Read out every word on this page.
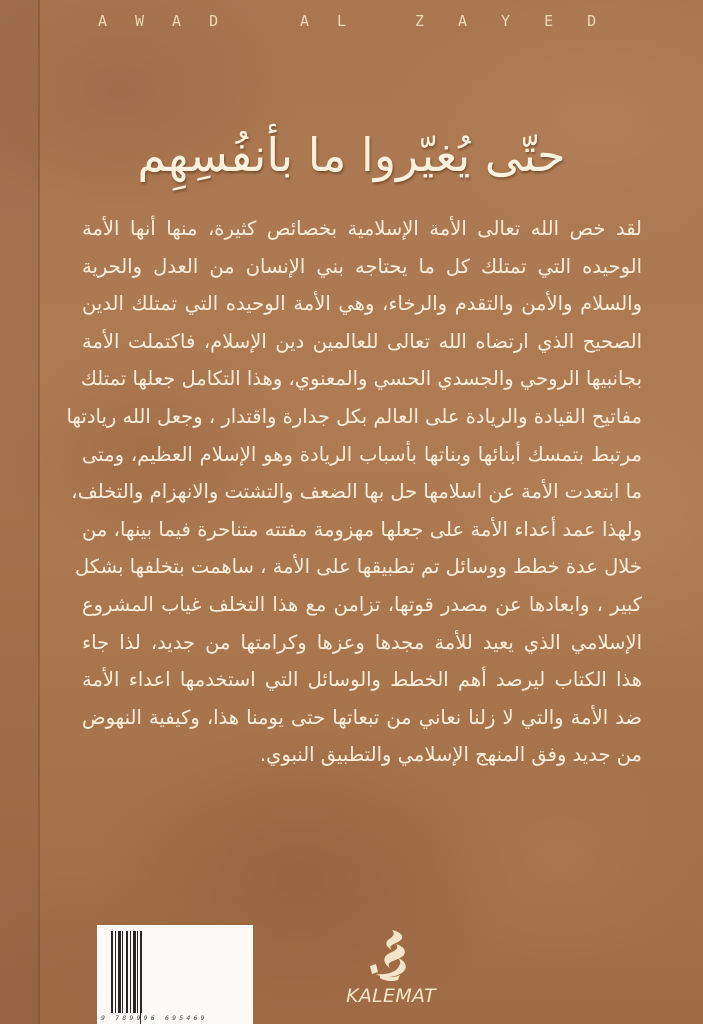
AWAD	AL	ZAYED
حتّى يُغيّروا ما بأنفُسِهِم
لقد خص الله تعالى الأمة الإسلامية بخصائص كثيرة، منها أنها الأمة
الوحيده التي تمتلك كل ما يحتاجه بني الإنسان من العدل والحرية
والسلام والأمن والتقدم والرخاء، وهي الأمة الوحيده التي تمتلك الدين
الصحيح الذي ارتضاه الله تعالى للعالمين دين الإسلام، فاكتملت الأمة
بجانبيها الروحي والجسدي الحسي والمعنوي، وهذا التكامل جعلها تمتلك
مفاتيح القيادة والريادة على العالم بكل جدارة واقتدار ، وجعل الله ريادتها
مرتبط بتمسك أبنائها وبناتها بأسباب الريادة وهو الإسلام العظيم، ومتى
ما ابتعدت الأمة عن اسلامها حل بها الضعف والتشتت والانهزام والتخلف،
ولهذا عمد أعداء الأمة على جعلها مهزومة مفتته متناحرة فيما بينها، من
خلال عدة خطط ووسائل تم تطبيقها على الأمة ، ساهمت بتخلفها بشكل
كبير ، وابعادها عن مصدر قوتها، تزامن مع هذا التخلف غياب المشروع
الإسلامي الذي يعيد للأمة مجدها وعزها وكرامتها من جديد، لذا جاء
هذا الكتاب ليرصد أهم الخطط والوسائل التي استخدمها اعداء الأمة
ضد الأمة والتي لا زلنا نعاني من تبعاتها حتى يومنا هذا، وكيفية النهوض
من جديد وفق المنهج الإسلامي والتطبيق النبوي.
9 789996 695469
KALEMAT
